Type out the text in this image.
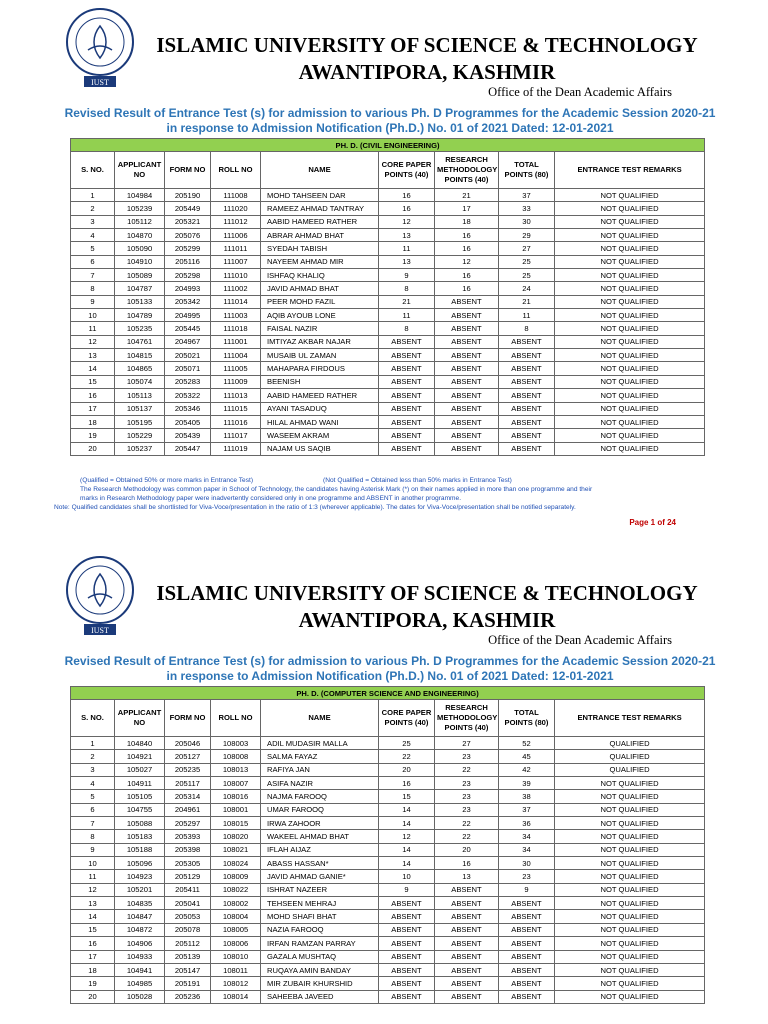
IUST
ISLAMIC UNIVERSITY OF SCIENCE & TECHNOLOGY
AWANTIPORA, KASHMIR
Office of the Dean Academic Affairs
Revised Result of Entrance Test (s) for admission to various Ph. D Programmes for the Academic Session 2020-21 in response to Admission Notification (Ph.D.) No. 01 of 2021 Dated: 12-01-2021
PH. D. (CIVIL ENGINEERING)								
S. NO.	APPLICANT NO	FORM NO	ROLL NO	NAME	CORE PAPER POINTS (40)	RESEARCH METHODOLOGY POINTS (40)	TOTAL POINTS (80)	ENTRANCE TEST REMARKS
1	104984	205190	111008	MOHD TAHSEEN DAR	16	21	37	NOT QUALIFIED
2	105239	205449	111020	RAMEEZ AHMAD TANTRAY	16	17	33	NOT QUALIFIED
3	105112	205321	111012	AABID HAMEED RATHER	12	18	30	NOT QUALIFIED
4	104870	205076	111006	ABRAR AHMAD BHAT	13	16	29	NOT QUALIFIED
5	105090	205299	111011	SYEDAH TABISH	11	16	27	NOT QUALIFIED
6	104910	205116	111007	NAYEEM AHMAD MIR	13	12	25	NOT QUALIFIED
7	105089	205298	111010	ISHFAQ KHALIQ	9	16	25	NOT QUALIFIED
8	104787	204993	111002	JAVID AHMAD BHAT	8	16	24	NOT QUALIFIED
9	105133	205342	111014	PEER MOHD FAZIL	21	ABSENT	21	NOT QUALIFIED
10	104789	204995	111003	AQIB AYOUB LONE	11	ABSENT	11	NOT QUALIFIED
11	105235	205445	111018	FAISAL NAZIR	8	ABSENT	8	NOT QUALIFIED
12	104761	204967	111001	IMTIYAZ AKBAR NAJAR	ABSENT	ABSENT	ABSENT	NOT QUALIFIED
13	104815	205021	111004	MUSAIB UL ZAMAN	ABSENT	ABSENT	ABSENT	NOT QUALIFIED
14	104865	205071	111005	MAHAPARA FIRDOUS	ABSENT	ABSENT	ABSENT	NOT QUALIFIED
15	105074	205283	111009	BEENISH	ABSENT	ABSENT	ABSENT	NOT QUALIFIED
16	105113	205322	111013	AABID HAMEED RATHER	ABSENT	ABSENT	ABSENT	NOT QUALIFIED
17	105137	205346	111015	AYANI TASADUQ	ABSENT	ABSENT	ABSENT	NOT QUALIFIED
18	105195	205405	111016	HILAL AHMAD WANI	ABSENT	ABSENT	ABSENT	NOT QUALIFIED
19	105229	205439	111017	WASEEM AKRAM	ABSENT	ABSENT	ABSENT	NOT QUALIFIED
20	105237	205447	111019	NAJAM US SAQIB	ABSENT	ABSENT	ABSENT	NOT QUALIFIED
(Qualified = Obtained 50% or more marks in Entrance Test)	(Not Qualified = Obtained less than 50% marks in Entrance Test)
The Research Methodology was common paper in School of Technology, the candidates having Asterisk Mark (*) on their names applied in more than one programme and their
marks in Research Methodology paper were inadvertently considered only in one programme and ABSENT in another programme.
Note: Qualified candidates shall be shortlisted for Viva-Voce/presentation in the ratio of 1:3 (wherever applicable). The dates for Viva-Voce/presentation shall be notified separately.
Page 1 of 24
IUST
ISLAMIC UNIVERSITY OF SCIENCE & TECHNOLOGY
AWANTIPORA, KASHMIR
Office of the Dean Academic Affairs
Revised Result of Entrance Test (s) for admission to various Ph. D Programmes for the Academic Session 2020-21 in response to Admission Notification (Ph.D.) No. 01 of 2021 Dated: 12-01-2021
PH. D. (COMPUTER SCIENCE AND ENGINEERING)								
S. NO.	APPLICANT NO	FORM NO	ROLL NO	NAME	CORE PAPER POINTS (40)	RESEARCH METHODOLOGY POINTS (40)	TOTAL POINTS (80)	ENTRANCE TEST REMARKS
1	104840	205046	108003	ADIL MUDASIR MALLA	25	27	52	QUALIFIED
2	104921	205127	108008	SALMA FAYAZ	22	23	45	QUALIFIED
3	105027	205235	108013	RAFIYA JAN	20	22	42	QUALIFIED
4	104911	205117	108007	ASIFA NAZIR	16	23	39	NOT QUALIFIED
5	105105	205314	108016	NAJMA FAROOQ	15	23	38	NOT QUALIFIED
6	104755	204961	108001	UMAR FAROOQ	14	23	37	NOT QUALIFIED
7	105088	205297	108015	IRWA ZAHOOR	14	22	36	NOT QUALIFIED
8	105183	205393	108020	WAKEEL AHMAD BHAT	12	22	34	NOT QUALIFIED
9	105188	205398	108021	IFLAH AIJAZ	14	20	34	NOT QUALIFIED
10	105096	205305	108024	ABASS HASSAN*	14	16	30	NOT QUALIFIED
11	104923	205129	108009	JAVID AHMAD GANIE*	10	13	23	NOT QUALIFIED
12	105201	205411	108022	ISHRAT NAZEER	9	ABSENT	9	NOT QUALIFIED
13	104835	205041	108002	TEHSEEN MEHRAJ	ABSENT	ABSENT	ABSENT	NOT QUALIFIED
14	104847	205053	108004	MOHD SHAFI BHAT	ABSENT	ABSENT	ABSENT	NOT QUALIFIED
15	104872	205078	108005	NAZIA FAROOQ	ABSENT	ABSENT	ABSENT	NOT QUALIFIED
16	104906	205112	108006	IRFAN RAMZAN PARRAY	ABSENT	ABSENT	ABSENT	NOT QUALIFIED
17	104933	205139	108010	GAZALA MUSHTAQ	ABSENT	ABSENT	ABSENT	NOT QUALIFIED
18	104941	205147	108011	RUQAYA AMIN BANDAY	ABSENT	ABSENT	ABSENT	NOT QUALIFIED
19	104985	205191	108012	MIR ZUBAIR KHURSHID	ABSENT	ABSENT	ABSENT	NOT QUALIFIED
20	105028	205236	108014	SAHEEBA JAVEED	ABSENT	ABSENT	ABSENT	NOT QUALIFIED
